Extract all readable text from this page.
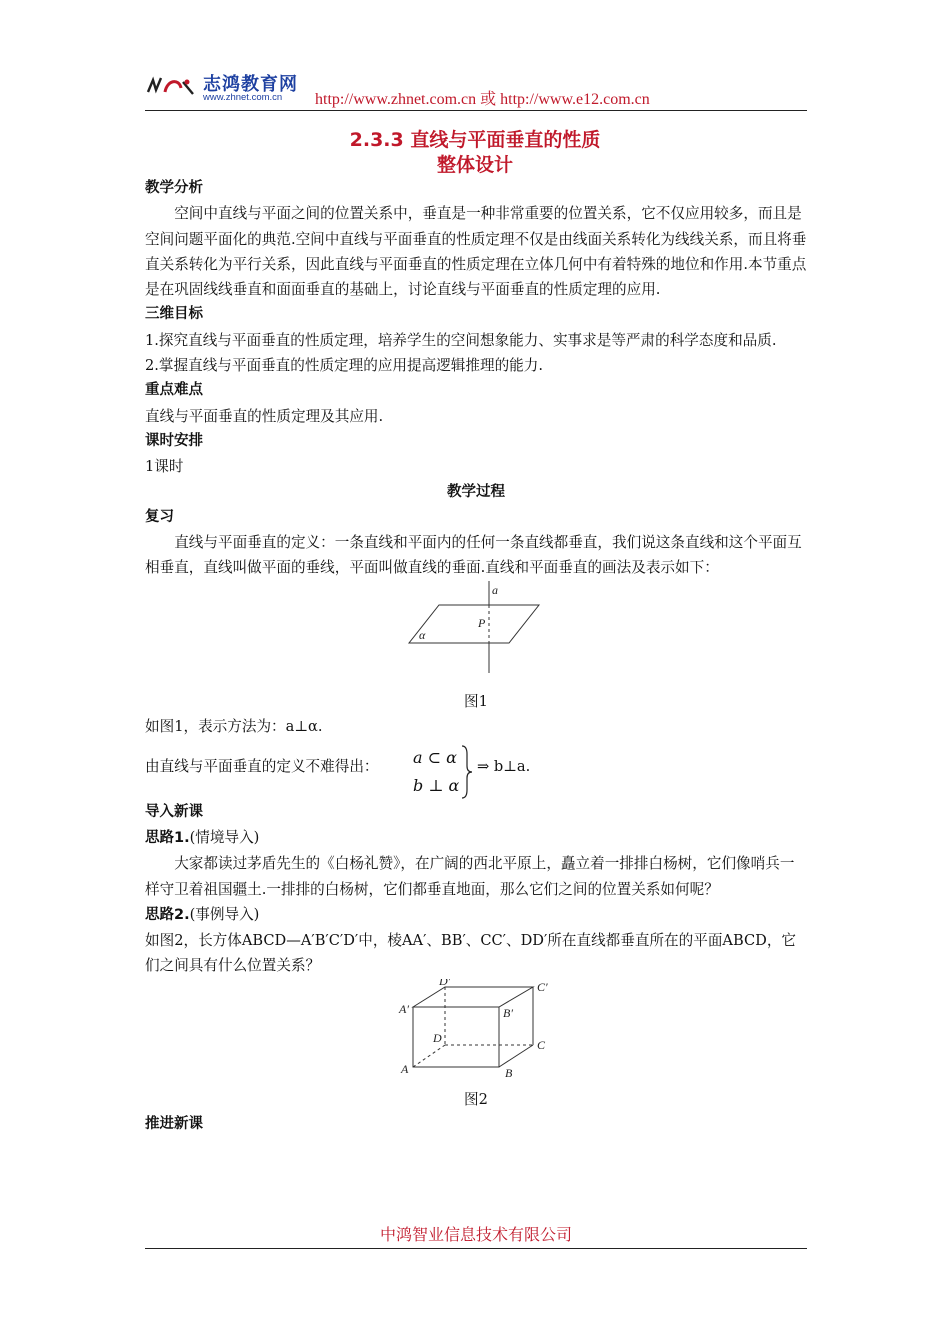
志鸿教育网
www.zhnet.com.cn http://www.zhnet.com.cn 或 http://www.e12.com.cn
2.3.3 直线与平面垂直的性质
整体设计

教学分析

空间中直线与平面之间的位置关系中，垂直是一种非常重要的位置关系，它不仅应用较多，而且是空间问题平面化的典范.空间中直线与平面垂直的性质定理不仅是由线面关系转化为线线关系，而且将垂直关系转化为平行关系，因此直线与平面垂直的性质定理在立体几何中有着特殊的地位和作用.本节重点是在巩固线线垂直和面面垂直的基础上，讨论直线与平面垂直的性质定理的应用.

三维目标

1.探究直线与平面垂直的性质定理，培养学生的空间想象能力、实事求是等严肃的科学态度和品质.

2.掌握直线与平面垂直的性质定理的应用提高逻辑推理的能力.

重点难点

直线与平面垂直的性质定理及其应用.

课时安排

1课时

教学过程

复习

直线与平面垂直的定义：一条直线和平面内的任何一条直线都垂直，我们说这条直线和这个平面互相垂直，直线叫做平面的垂线，平面叫做直线的垂面.直线和平面垂直的画法及表示如下：

a
P
α

图1

如图1，表示方法为：a⊥α.

由直线与平面垂直的定义不难得出： a ⊂ α
b ⊥ α
⇒ b⊥a.

导入新课

思路1.(情境导入)

大家都读过茅盾先生的《白杨礼赞》，在广阔的西北平原上，矗立着一排排白杨树，它们像哨兵一样守卫着祖国疆土.一排排的白杨树，它们都垂直地面，那么它们之间的位置关系如何呢？

思路2.(事例导入)

如图2，长方体ABCD—A′B′C′D′中，棱AA′、BB′、CC′、DD′所在直线都垂直所在的平面ABCD，它们之间具有什么位置关系？

D′	C′
A′	B′
D	C
A	B

图2

推进新课

中鸿智业信息技术有限公司
